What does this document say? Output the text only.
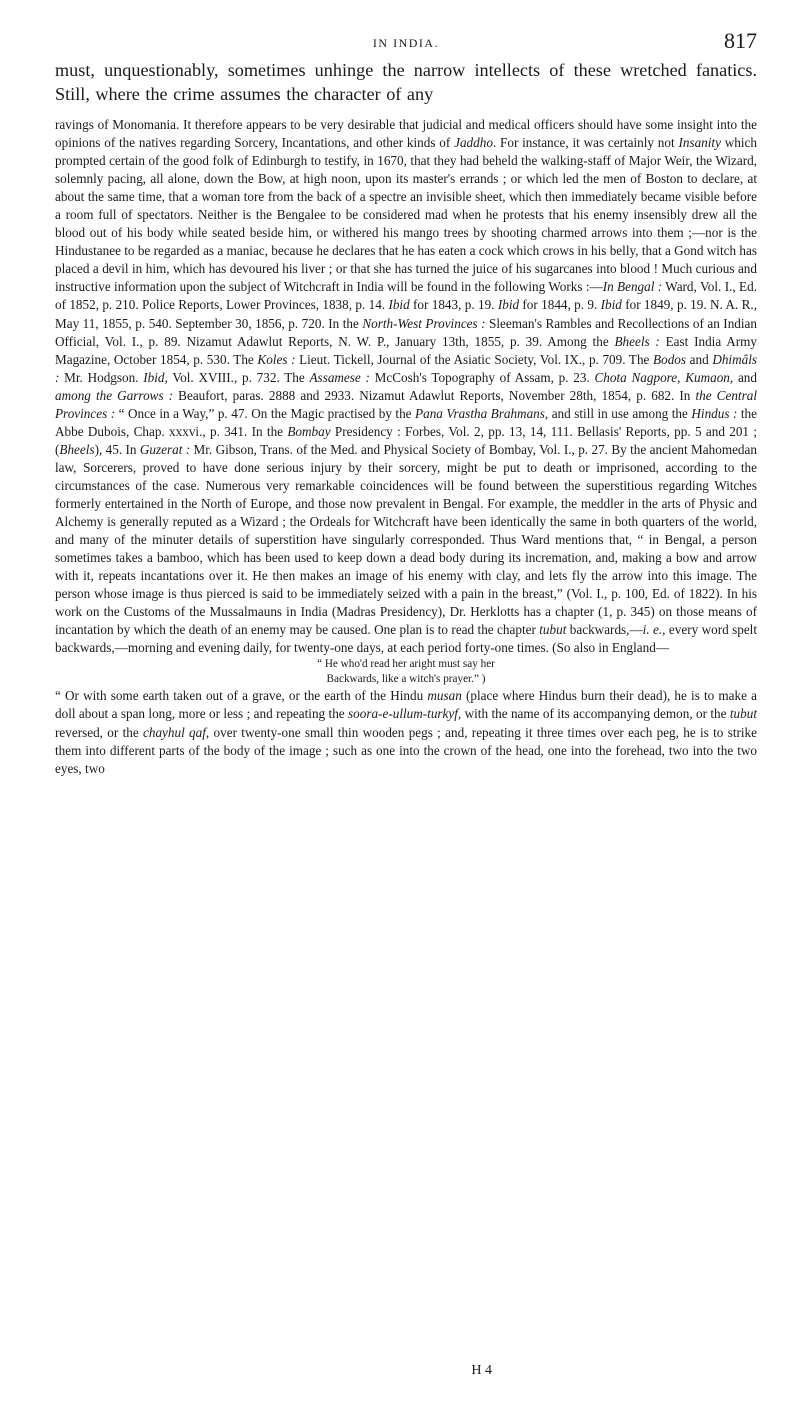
IN INDIA.	817

must, unquestionably, sometimes unhinge the narrow intellects of these wretched fanatics. Still, where the crime assumes the character of any

ravings of Monomania. It therefore appears to be very desirable that judicial and medical officers should have some insight into the opinions of the natives regarding Sorcery, Incantations, and other kinds of Jaddho. For instance, it was certainly not Insanity which prompted certain of the good folk of Edinburgh to testify, in 1670, that they had beheld the walking-staff of Major Weir, the Wizard, solemnly pacing, all alone, down the Bow, at high noon, upon its master's errands ; or which led the men of Boston to declare, at about the same time, that a woman tore from the back of a spectre an invisible sheet, which then immediately became visible before a room full of spectators. Neither is the Bengalee to be considered mad when he protests that his enemy insensibly drew all the blood out of his body while seated beside him, or withered his mango trees by shooting charmed arrows into them ;—nor is the Hindustanee to be regarded as a maniac, because he declares that he has eaten a cock which crows in his belly, that a Gond witch has placed a devil in him, which has devoured his liver ; or that she has turned the juice of his sugarcanes into blood ! Much curious and instructive information upon the subject of Witchcraft in India will be found in the following Works :—In Bengal : Ward, Vol. I., Ed. of 1852, p. 210. Police Reports, Lower Provinces, 1838, p. 14. Ibid for 1843, p. 19. Ibid for 1844, p. 9. Ibid for 1849, p. 19. N. A. R., May 11, 1855, p. 540. September 30, 1856, p. 720. In the North-West Provinces : Sleeman's Rambles and Recollections of an Indian Official, Vol. I., p. 89. Nizamut Adawlut Reports, N. W. P., January 13th, 1855, p. 39. Among the Bheels : East India Army Magazine, October 1854, p. 530. The Koles : Lieut. Tickell, Journal of the Asiatic Society, Vol. IX., p. 709. The Bodos and Dhimâls : Mr. Hodgson. Ibid, Vol. XVIII., p. 732. The Assamese : McCosh's Topography of Assam, p. 23. Chota Nagpore, Kumaon, and among the Garrows : Beaufort, paras. 2888 and 2933. Nizamut Adawlut Reports, November 28th, 1854, p. 682. In the Central Provinces : “ Once in a Way,” p. 47. On the Magic practised by the Pana Vrastha Brahmans, and still in use among the Hindus : the Abbe Dubois, Chap. xxxvi., p. 341. In the Bombay Presidency : Forbes, Vol. 2, pp. 13, 14, 111. Bellasis' Reports, pp. 5 and 201 ; (Bheels), 45. In Guzerat : Mr. Gibson, Trans. of the Med. and Physical Society of Bombay, Vol. I., p. 27. By the ancient Mahomedan law, Sorcerers, proved to have done serious injury by their sorcery, might be put to death or imprisoned, according to the circumstances of the case. Numerous very remarkable coincidences will be found between the superstitious regarding Witches formerly entertained in the North of Europe, and those now prevalent in Bengal. For example, the meddler in the arts of Physic and Alchemy is generally reputed as a Wizard ; the Ordeals for Witchcraft have been identically the same in both quarters of the world, and many of the minuter details of superstition have singularly corresponded. Thus Ward mentions that, “ in Bengal, a person sometimes takes a bamboo, which has been used to keep down a dead body during its incremation, and, making a bow and arrow with it, repeats incantations over it. He then makes an image of his enemy with clay, and lets fly the arrow into this image. The person whose image is thus pierced is said to be immediately seized with a pain in the breast,” (Vol. I., p. 100, Ed. of 1822). In his work on the Customs of the Mussalmauns in India (Madras Presidency), Dr. Herklotts has a chapter (1, p. 345) on those means of incantation by which the death of an enemy may be caused. One plan is to read the chapter tubut backwards,—i. e., every word spelt backwards,—morning and evening daily, for twenty-one days, at each period forty-one times. (So also in England—

“ He who'd read her aright must say her

Backwards, like a witch's prayer.” )

“ Or with some earth taken out of a grave, or the earth of the Hindu musan (place where Hindus burn their dead), he is to make a doll about a span long, more or less ; and repeating the soora-e-ullum-turkyf, with the name of its accompanying demon, or the tubut reversed, or the chayhul qaf, over twenty-one small thin wooden pegs ; and, repeating it three times over each peg, he is to strike them into different parts of the body of the image ; such as one into the crown of the head, one into the forehead, two into the two eyes, two

H 4
